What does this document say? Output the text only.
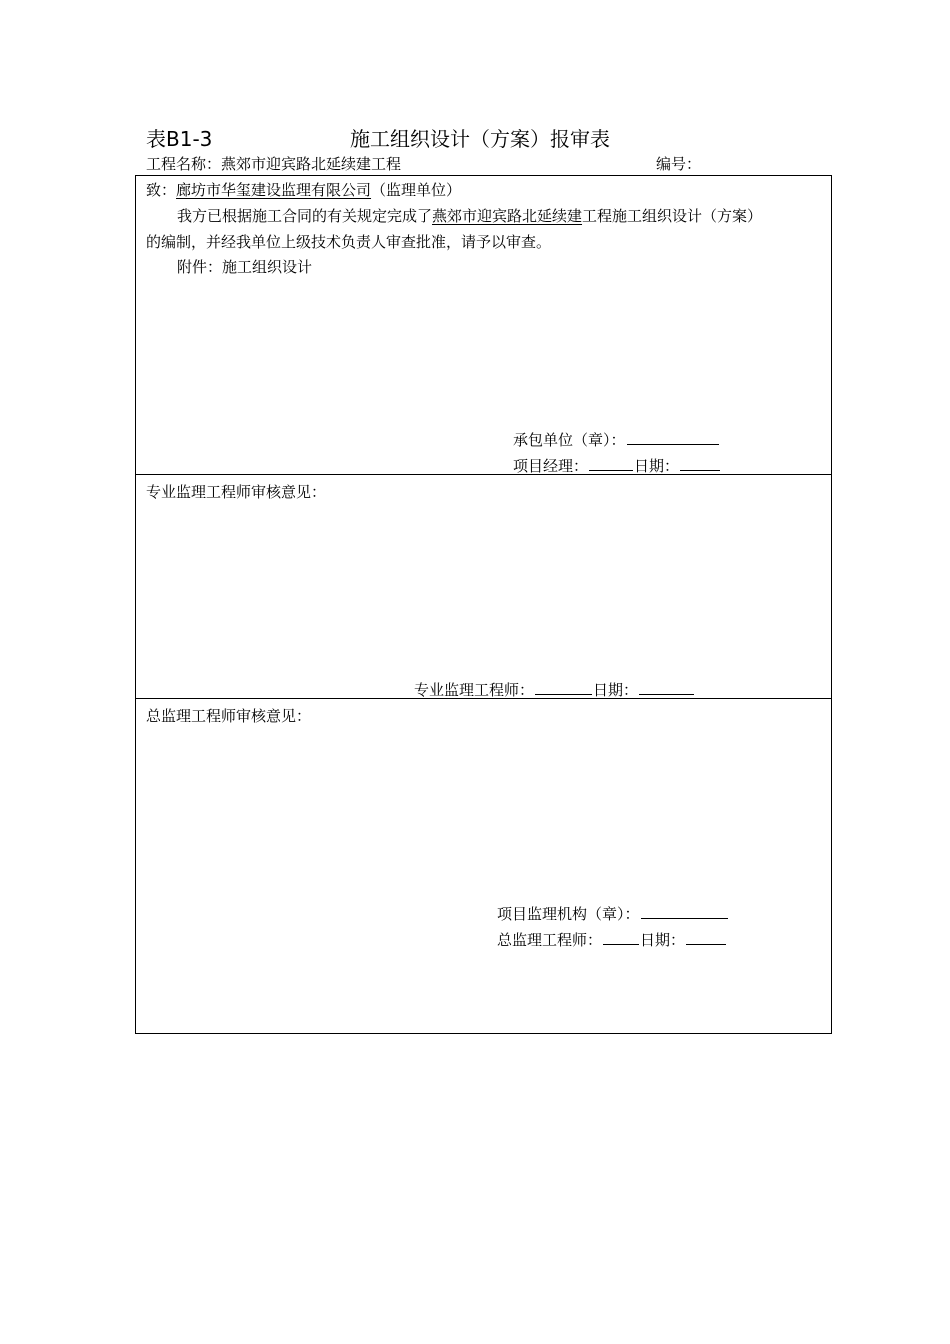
表B1-3	施工组织设计（方案）报审表
工程名称：燕郊市迎宾路北延续建工程	编号：
致：廊坊市华玺建设监理有限公司（监理单位）
我方已根据施工合同的有关规定完成了燕郊市迎宾路北延续建工程施工组织设计（方案）
的编制，并经我单位上级技术负责人审查批准，请予以审查。
附件：施工组织设计
承包单位（章）：
项目经理：	日期：
专业监理工程师审核意见：
专业监理工程师：	日期：
总监理工程师审核意见：
项目监理机构（章）：
总监理工程师：	日期：
